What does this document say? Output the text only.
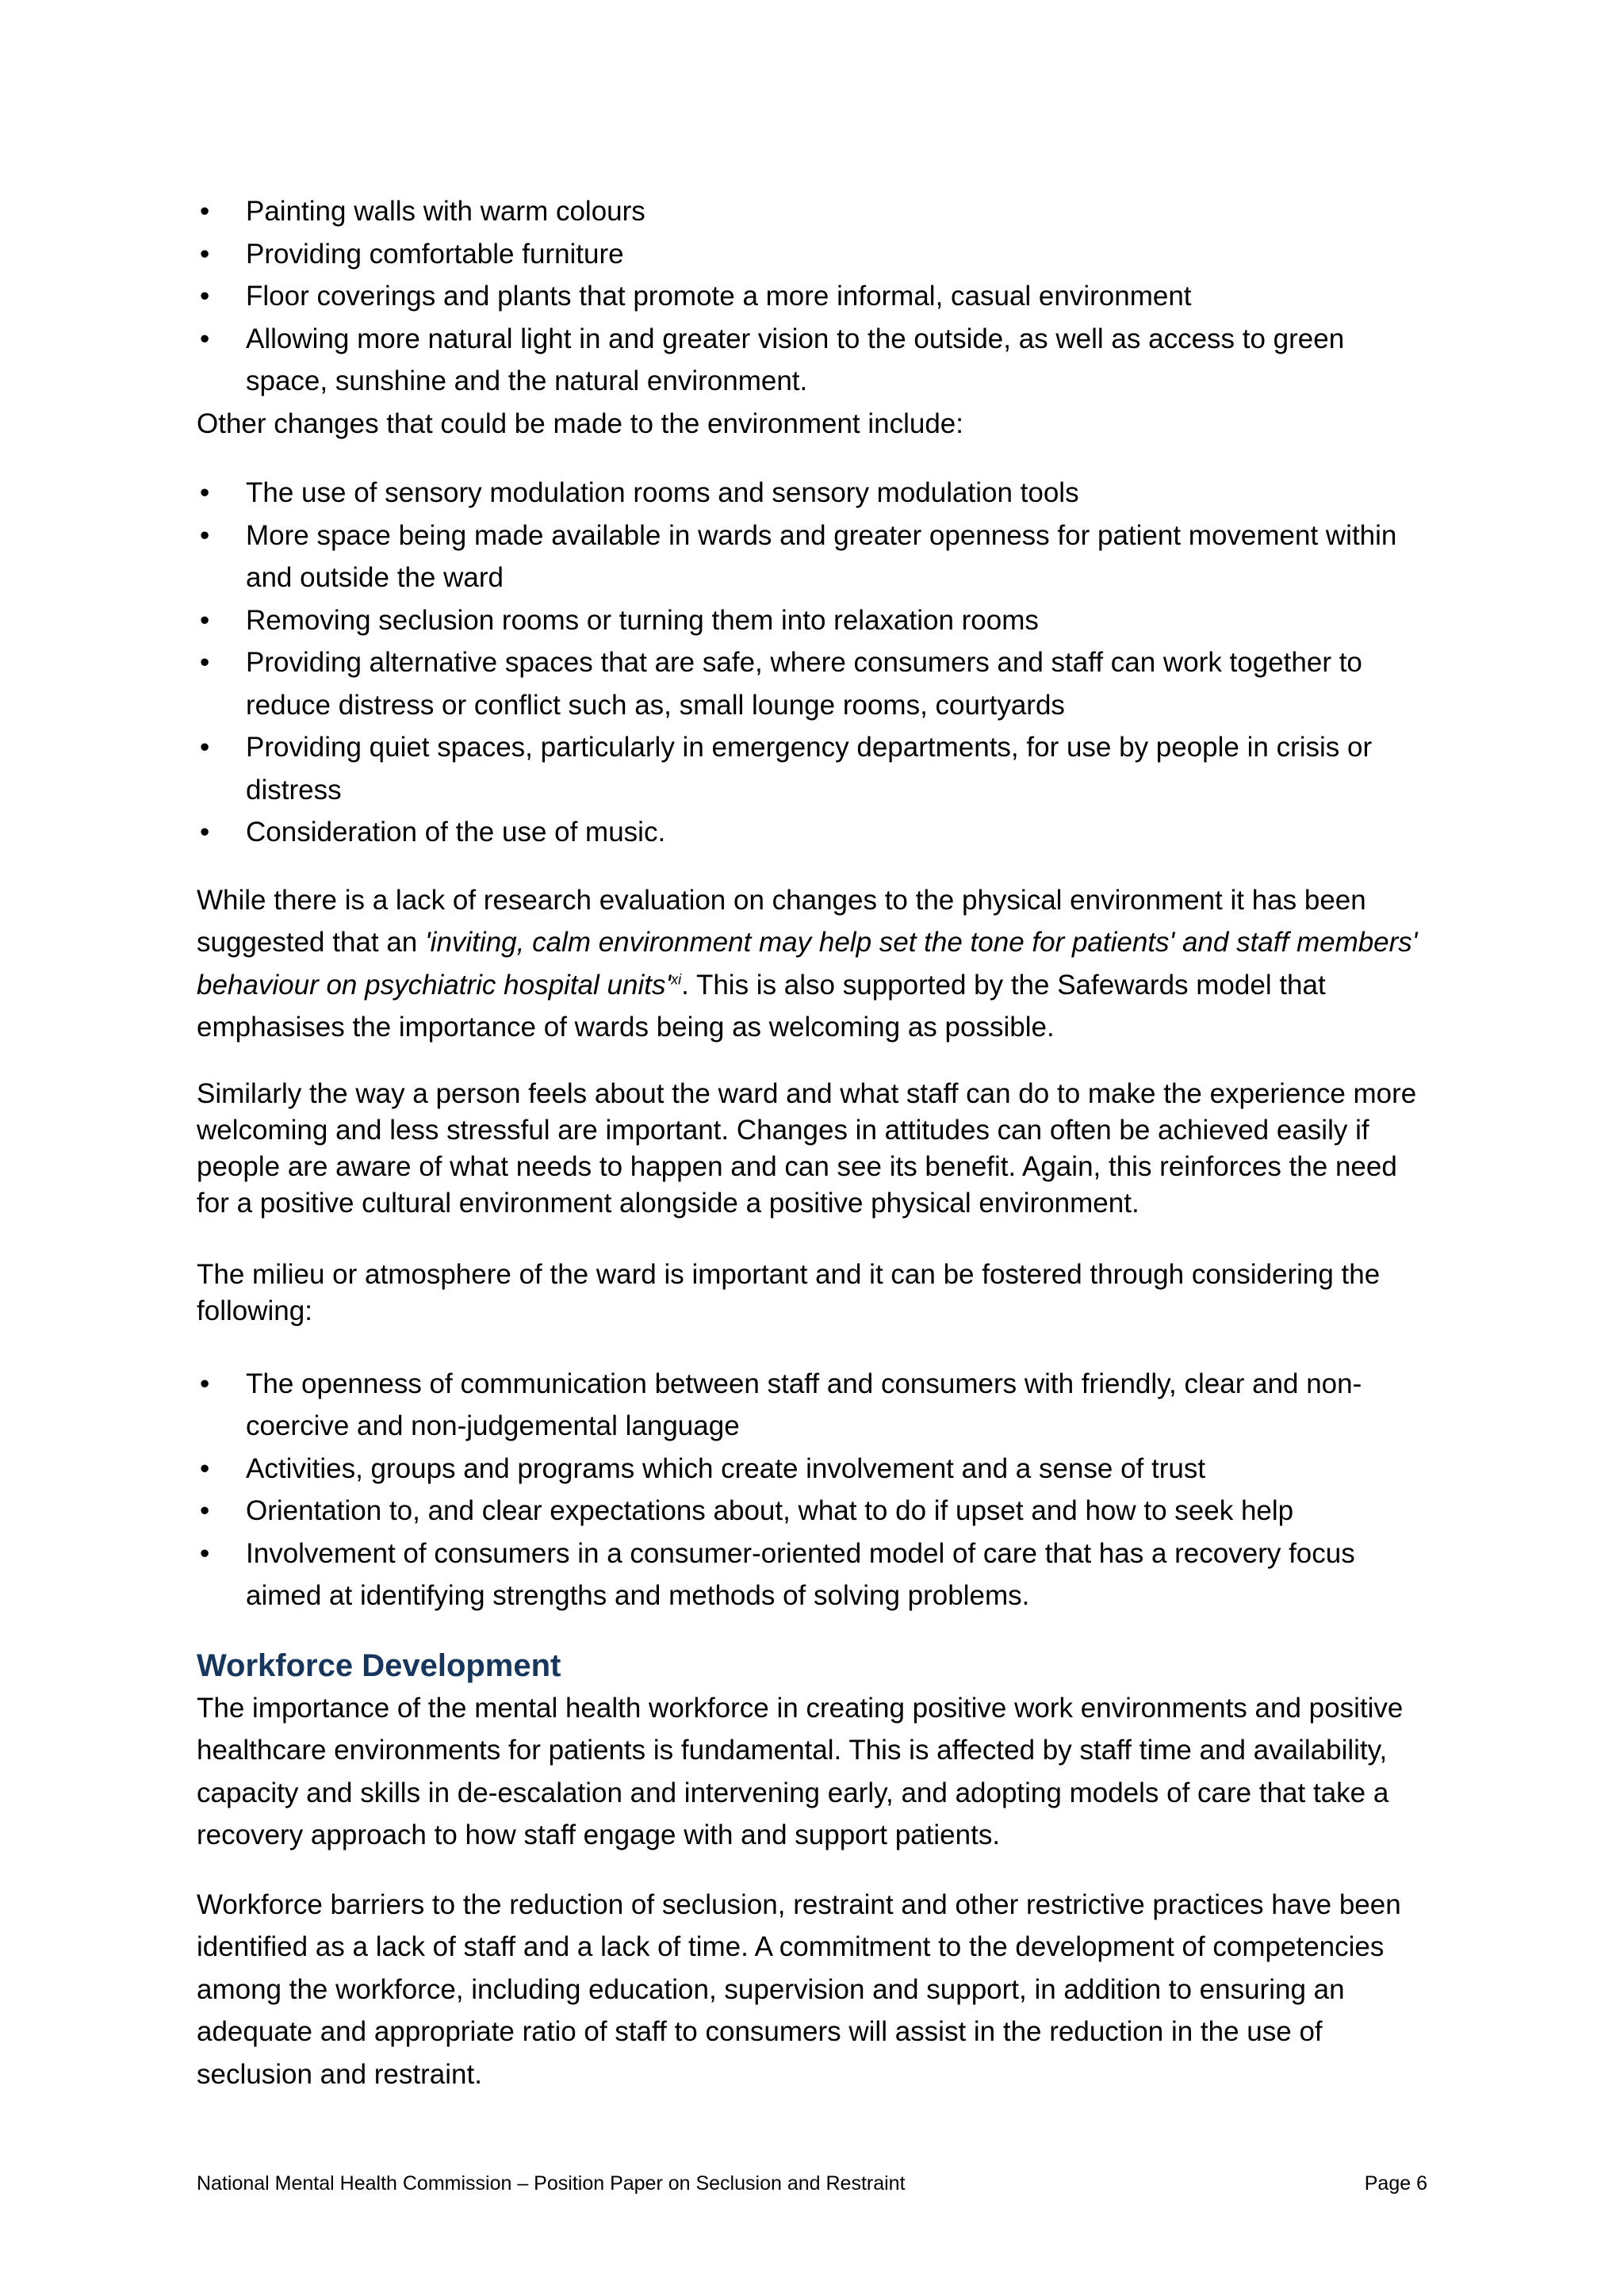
• Painting walls with warm colours
• Providing comfortable furniture
• Floor coverings and plants that promote a more informal, casual environment
• Allowing more natural light in and greater vision to the outside, as well as access to green space, sunshine and the natural environment.

Other changes that could be made to the environment include:

• The use of sensory modulation rooms and sensory modulation tools
• More space being made available in wards and greater openness for patient movement within and outside the ward
• Removing seclusion rooms or turning them into relaxation rooms
• Providing alternative spaces that are safe, where consumers and staff can work together to reduce distress or conflict such as, small lounge rooms, courtyards
• Providing quiet spaces, particularly in emergency departments, for use by people in crisis or distress
• Consideration of the use of music.

While there is a lack of research evaluation on changes to the physical environment it has been suggested that an 'inviting, calm environment may help set the tone for patients' and staff members' behaviour on psychiatric hospital units'$^{xi}$. This is also supported by the Safewards model that emphasises the importance of wards being as welcoming as possible.

Similarly the way a person feels about the ward and what staff can do to make the experience more welcoming and less stressful are important. Changes in attitudes can often be achieved easily if people are aware of what needs to happen and can see its benefit. Again, this reinforces the need for a positive cultural environment alongside a positive physical environment.

The milieu or atmosphere of the ward is important and it can be fostered through considering the following:

• The openness of communication between staff and consumers with friendly, clear and non-coercive and non-judgemental language
• Activities, groups and programs which create involvement and a sense of trust
• Orientation to, and clear expectations about, what to do if upset and how to seek help
• Involvement of consumers in a consumer-oriented model of care that has a recovery focus aimed at identifying strengths and methods of solving problems.
Workforce Development

The importance of the mental health workforce in creating positive work environments and positive healthcare environments for patients is fundamental. This is affected by staff time and availability, capacity and skills in de-escalation and intervening early, and adopting models of care that take a recovery approach to how staff engage with and support patients.

Workforce barriers to the reduction of seclusion, restraint and other restrictive practices have been identified as a lack of staff and a lack of time. A commitment to the development of competencies among the workforce, including education, supervision and support, in addition to ensuring an adequate and appropriate ratio of staff to consumers will assist in the reduction in the use of seclusion and restraint.

National Mental Health Commission – Position Paper on Seclusion and Restraint	Page 6
